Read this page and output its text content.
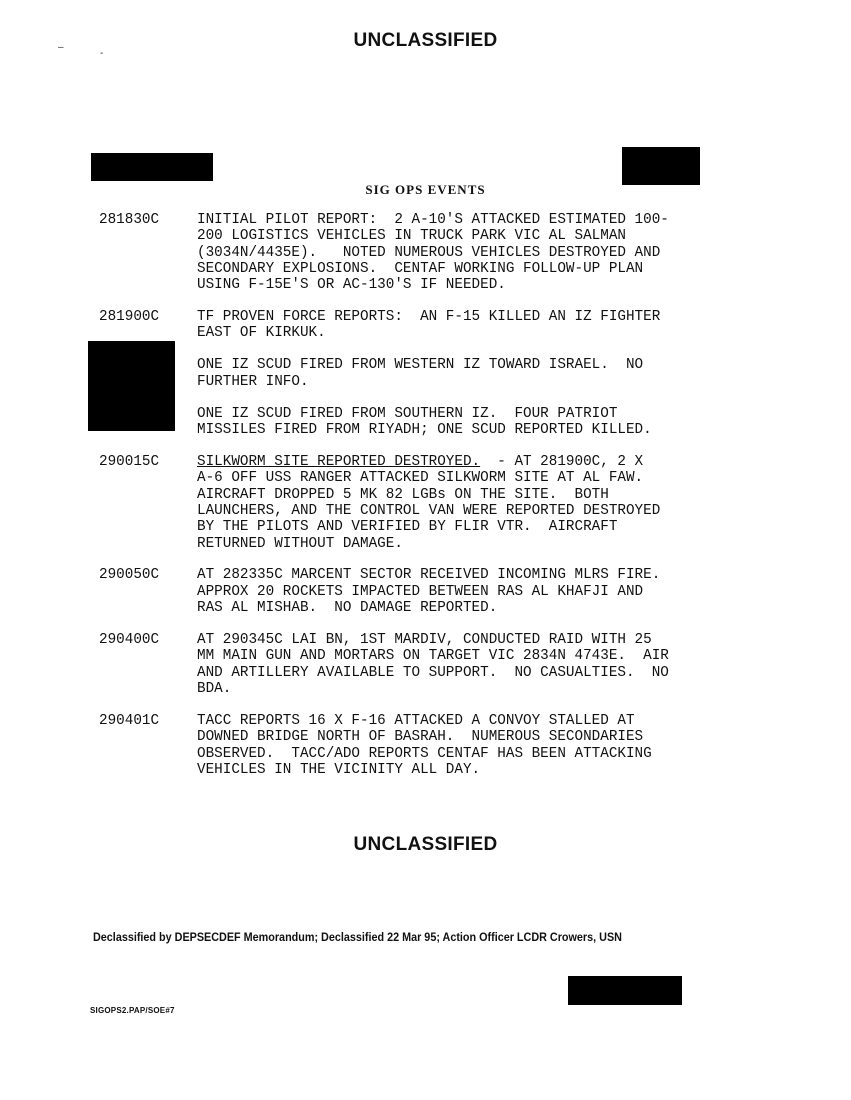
–
-
UNCLASSIFIED
SIG OPS EVENTS
281830C	INITIAL PILOT REPORT:  2 A-10'S ATTACKED ESTIMATED 100-
200 LOGISTICS VEHICLES IN TRUCK PARK VIC AL SALMAN
(3034N/4435E).   NOTED NUMEROUS VEHICLES DESTROYED AND
SECONDARY EXPLOSIONS.  CENTAF WORKING FOLLOW-UP PLAN
USING F-15E'S OR AC-130'S IF NEEDED.
281900C	TF PROVEN FORCE REPORTS:  AN F-15 KILLED AN IZ FIGHTER
EAST OF KIRKUK.
ONE IZ SCUD FIRED FROM WESTERN IZ TOWARD ISRAEL.  NO
FURTHER INFO.
ONE IZ SCUD FIRED FROM SOUTHERN IZ.  FOUR PATRIOT
MISSILES FIRED FROM RIYADH; ONE SCUD REPORTED KILLED.
290015C	SILKWORM SITE REPORTED DESTROYED.  - AT 281900C, 2 X
A-6 OFF USS RANGER ATTACKED SILKWORM SITE AT AL FAW.
AIRCRAFT DROPPED 5 MK 82 LGBs ON THE SITE.  BOTH
LAUNCHERS, AND THE CONTROL VAN WERE REPORTED DESTROYED
BY THE PILOTS AND VERIFIED BY FLIR VTR.  AIRCRAFT
RETURNED WITHOUT DAMAGE.
290050C	AT 282335C MARCENT SECTOR RECEIVED INCOMING MLRS FIRE.
APPROX 20 ROCKETS IMPACTED BETWEEN RAS AL KHAFJI AND
RAS AL MISHAB.  NO DAMAGE REPORTED.
290400C	AT 290345C LAI BN, 1ST MARDIV, CONDUCTED RAID WITH 25
MM MAIN GUN AND MORTARS ON TARGET VIC 2834N 4743E.  AIR
AND ARTILLERY AVAILABLE TO SUPPORT.  NO CASUALTIES.  NO
BDA.
290401C	TACC REPORTS 16 X F-16 ATTACKED A CONVOY STALLED AT
DOWNED BRIDGE NORTH OF BASRAH.  NUMEROUS SECONDARIES
OBSERVED.  TACC/ADO REPORTS CENTAF HAS BEEN ATTACKING
VEHICLES IN THE VICINITY ALL DAY.
UNCLASSIFIED
Declassified by DEPSECDEF Memorandum; Declassified 22 Mar 95; Action Officer LCDR Crowers, USN
SIGOPS2.PAP/SOE#7
